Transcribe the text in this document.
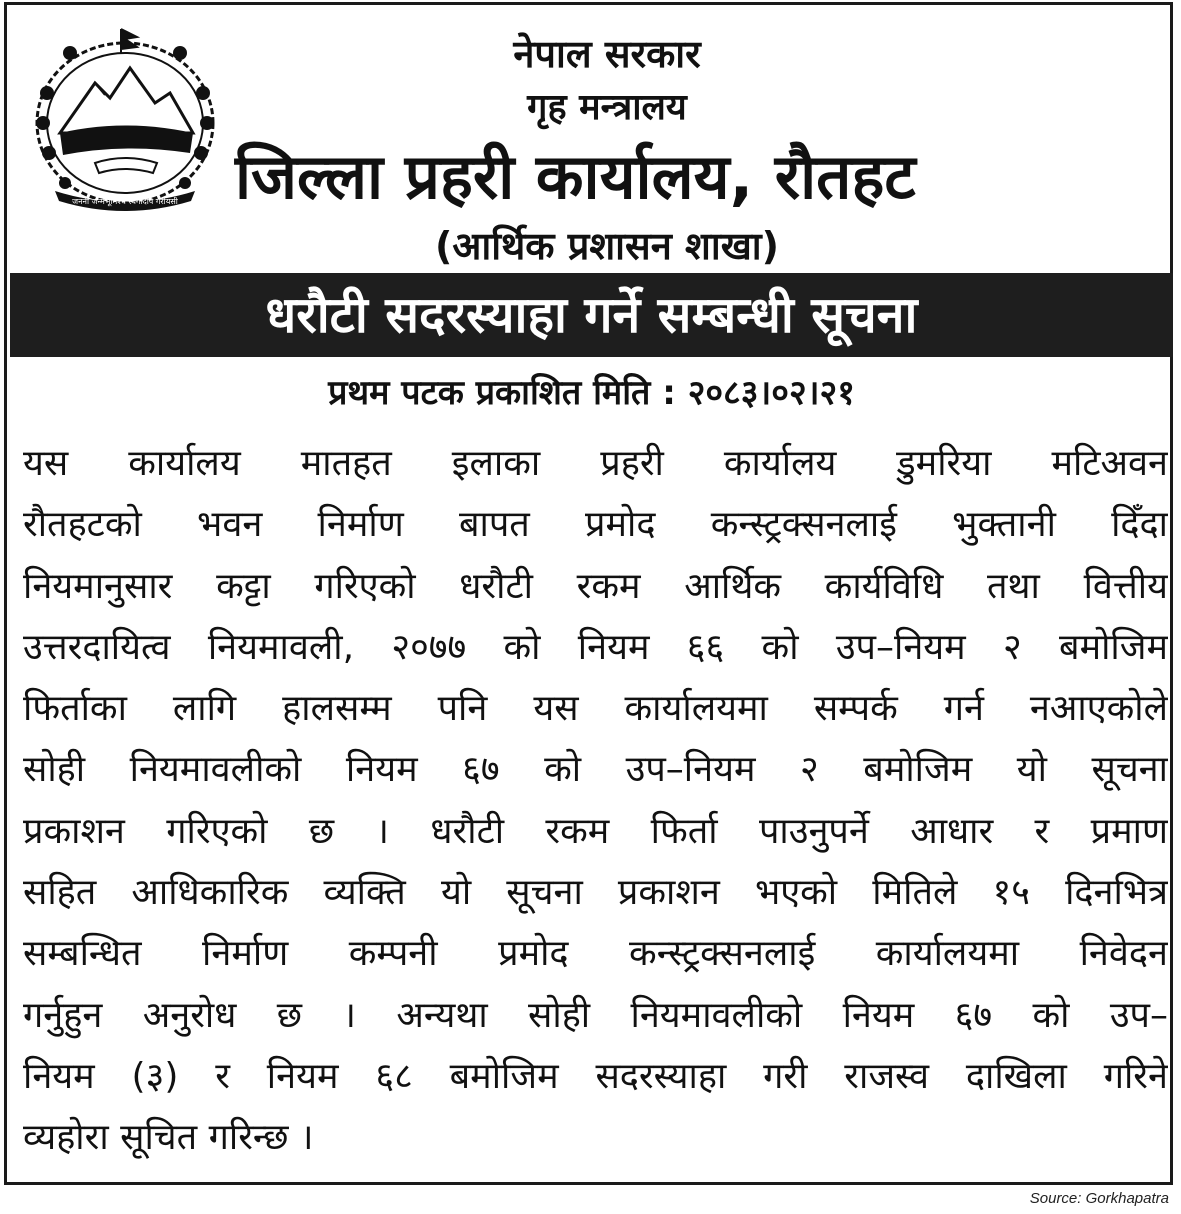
जननी जन्मभूमिश्च स्वर्गादपि गरीयसी
नेपाल सरकार
गृह मन्त्रालय
जिल्ला प्रहरी कार्यालय, रौतहट
(आर्थिक प्रशासन शाखा)
धरौटी सदरस्याहा गर्ने सम्बन्धी सूचना
प्रथम पटक प्रकाशित मिति : २०८३।०२।२१
यस कार्यालय मातहत इलाका प्रहरी कार्यालय डुमरिया मटिअवन
रौतहटको भवन निर्माण बापत प्रमोद कन्स्ट्रक्सनलाई भुक्तानी दिँदा
नियमानुसार कट्टा गरिएको धरौटी रकम आर्थिक कार्यविधि तथा वित्तीय
उत्तरदायित्व नियमावली, २०७७ को नियम ६६ को उप–नियम २ बमोजिम
फिर्ताका लागि हालसम्म पनि यस कार्यालयमा सम्पर्क गर्न नआएकोले
सोही नियमावलीको नियम ६७ को उप–नियम २ बमोजिम यो सूचना
प्रकाशन गरिएको छ । धरौटी रकम फिर्ता पाउनुपर्ने आधार र प्रमाण
सहित आधिकारिक व्यक्ति यो सूचना प्रकाशन भएको मितिले १५ दिनभित्र
सम्बन्धित निर्माण कम्पनी प्रमोद कन्स्ट्रक्सनलाई कार्यालयमा निवेदन
गर्नुहुन अनुरोध छ । अन्यथा सोही नियमावलीको नियम ६७ को उप–
नियम (३) र नियम ६८ बमोजिम सदरस्याहा गरी राजस्व दाखिला गरिने
व्यहोरा सूचित गरिन्छ ।
Source: Gorkhapatra
